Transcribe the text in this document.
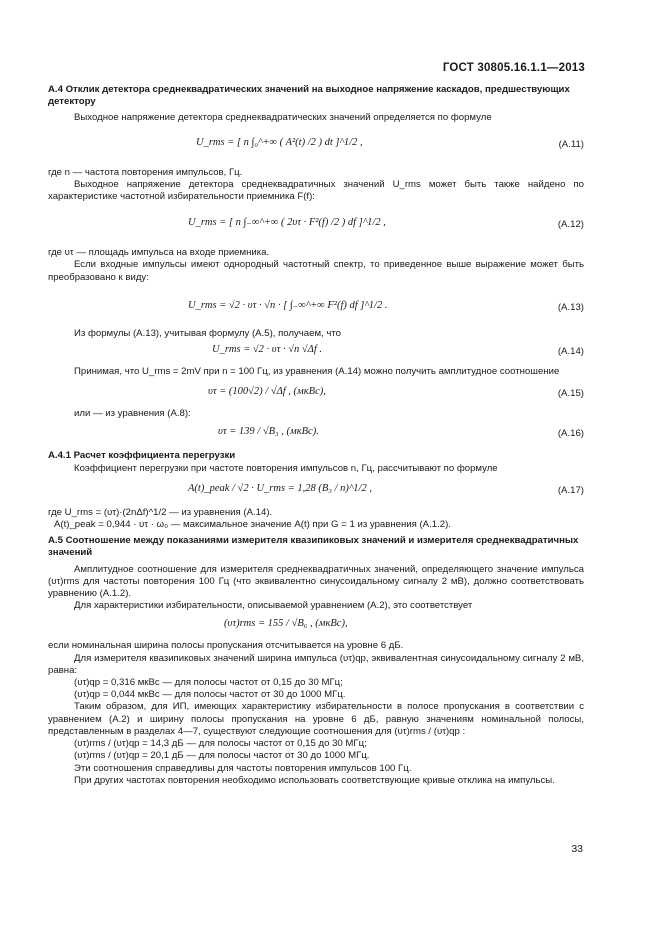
ГОСТ 30805.16.1.1—2013

А.4 Отклик детектора среднеквадратических значений на выходное напряжение каскадов, предшествующих детектору

Выходное напряжение детектора среднеквадратических значений определяется по формуле

U_rms = [ n ∫₀^+∞ ( A²(t) /2 ) dt ]^1/2 ,	(А.11)

где n — частота повторения импульсов, Гц.

Выходное напряжение детектора среднеквадратичных значений U_rms может быть также найдено по характеристике частотной избирательности приемника F(f):

U_rms = [ n ∫₋∞^+∞ ( 2υτ · F²(f) /2 ) df ]^1/2 ,	(А.12)

где υτ — площадь импульса на входе приемника.

Если входные импульсы имеют однородный частотный спектр, то приведенное выше выражение может быть преобразовано к виду:

U_rms = √2 · υτ · √n · [ ∫₋∞^+∞ F²(f) df ]^1/2 .	(А.13)

Из формулы (А.13), учитывая формулу (А.5), получаем, что

U_rms = √2 · υτ · √n √Δf .	(А.14)

Принимая, что U_rms = 2mV при n = 100 Гц, из уравнения (А.14) можно получить амплитудное соотношение

υτ = (100√2) / √Δf , (мкВс),	(А.15)

или — из уравнения (А.8):

υτ = 139 / √B₃ , (мкВс).	(А.16)

А.4.1 Расчет коэффициента перегрузки

Коэффициент перегрузки при частоте повторения импульсов n, Гц, рассчитывают по формуле

A(t)_peak / √2 · U_rms = 1,28 (B₃ / n)^1/2 ,	(А.17)

где U_rms = (υτ)·(2nΔf)^1/2 — из уравнения (А.14).

A(t)_peak = 0,944 · υτ · ω₀ — максимальное значение A(t) при G = 1 из уравнения (А.1.2).

А.5 Соотношение между показаниями измерителя квазипиковых значений и измерителя среднеквадратичных значений

Амплитудное соотношение для измерителя среднеквадратичных значений, определяющего значение импульса (υτ)rms для частоты повторения 100 Гц (что эквивалентно синусоидальному сигналу 2 мВ), должно соответствовать уравнению (А.1.2).

Для характеристики избирательности, описываемой уравнением (А.2), это соответствует

(υτ)rms = 155 / √B₆ , (мкВс),

если номинальная ширина полосы пропускания отсчитывается на уровне 6 дБ.

Для измерителя квазипиковых значений ширина импульса (υτ)qp, эквивалентная синусоидальному сигналу 2 мВ, равна:

(υτ)qp = 0,316 мкВс — для полосы частот от 0,15 до 30 МГц;
(υτ)qp = 0,044 мкВс — для полосы частот от 30 до 1000 МГц.

Таким образом, для ИП, имеющих характеристику избирательности в полосе пропускания в соответствии с уравнением (А.2) и ширину полосы пропускания на уровне 6 дБ, равную значениям номинальной полосы, представленным в разделах 4—7, существуют следующие соотношения для (υτ)rms / (υτ)qp :

(υτ)rms / (υτ)qp = 14,3 дБ — для полосы частот от 0,15 до 30 МГц;
(υτ)rms / (υτ)qp = 20,1 дБ — для полосы частот от 30 до 1000 МГц.

Эти соотношения справедливы для частоты повторения импульсов 100 Гц.

При других частотах повторения необходимо использовать соответствующие кривые отклика на импульсы.

33
